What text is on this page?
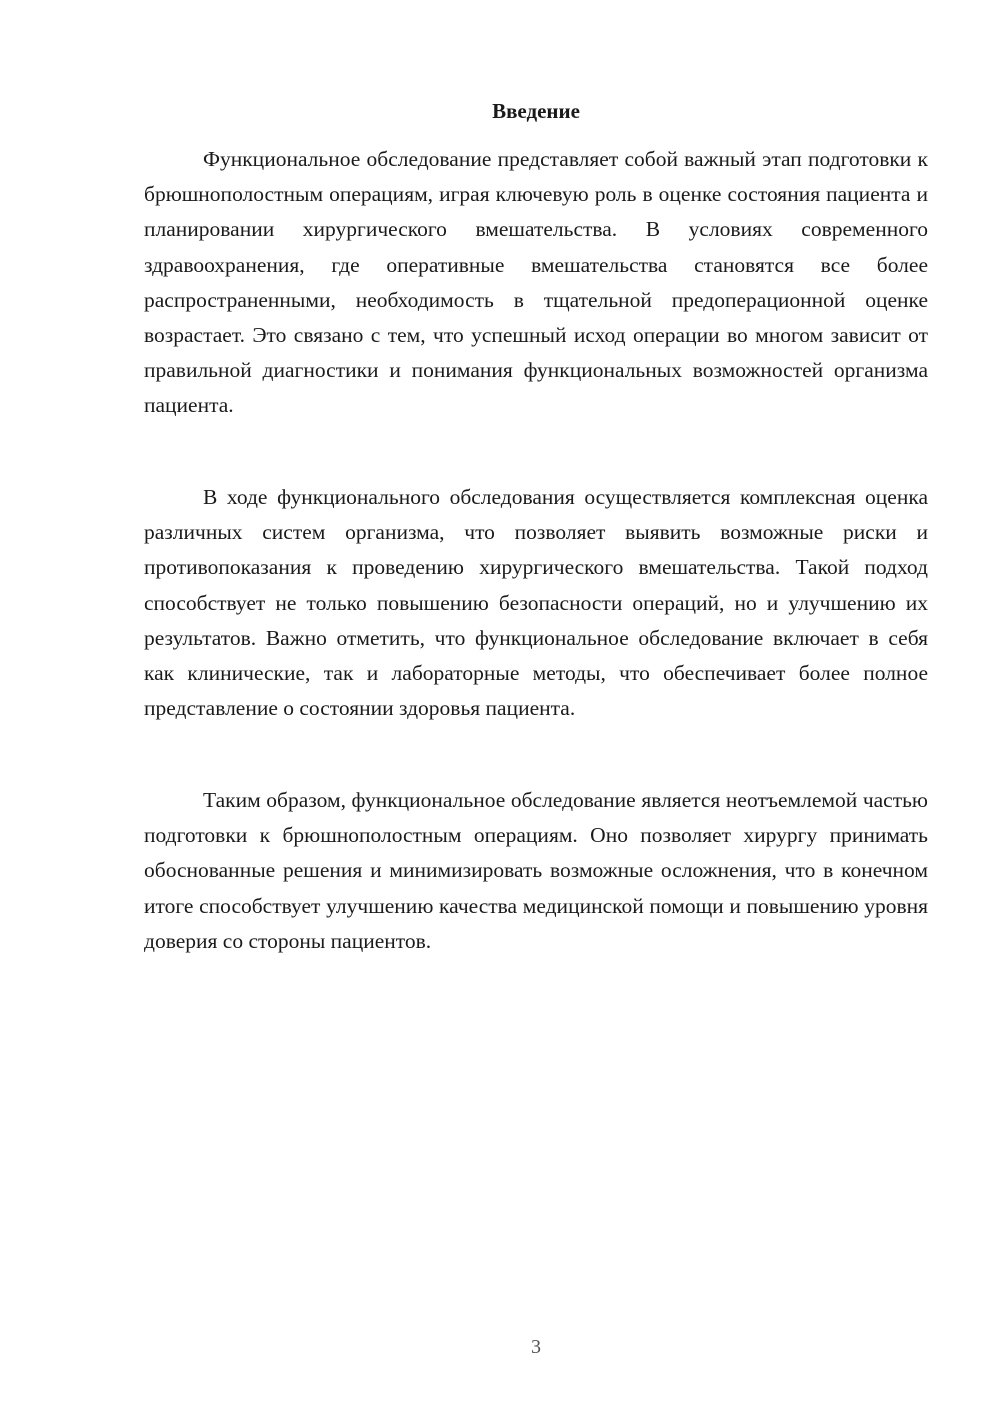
Введение

Функциональное обследование представляет собой важный этап подготовки к брюшнополостным операциям, играя ключевую роль в оценке состояния пациента и планировании хирургического вмешательства. В условиях современного здравоохранения, где оперативные вмешательства становятся все более распространенными, необходимость в тщательной предоперационной оценке возрастает. Это связано с тем, что успешный исход операции во многом зависит от правильной диагностики и понимания функциональных возможностей организма пациента.

В ходе функционального обследования осуществляется комплексная оценка различных систем организма, что позволяет выявить возможные риски и противопоказания к проведению хирургического вмешательства. Такой подход способствует не только повышению безопасности операций, но и улучшению их результатов. Важно отметить, что функциональное обследование включает в себя как клинические, так и лабораторные методы, что обеспечивает более полное представление о состоянии здоровья пациента.

Таким образом, функциональное обследование является неотъемлемой частью подготовки к брюшнополостным операциям. Оно позволяет хирургу принимать обоснованные решения и минимизировать возможные осложнения, что в конечном итоге способствует улучшению качества медицинской помощи и повышению уровня доверия со стороны пациентов.

3
